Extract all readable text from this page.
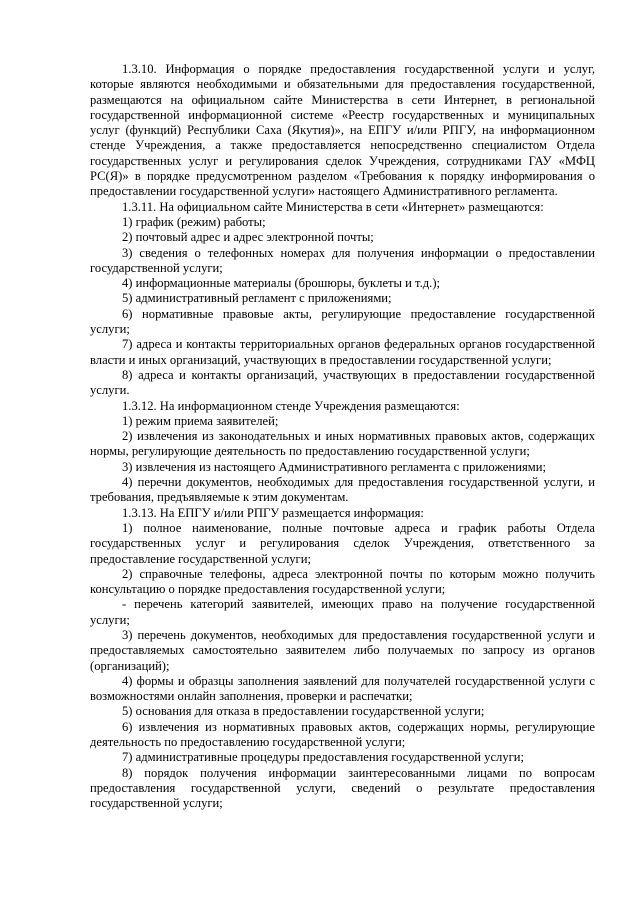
1.3.10. Информация о порядке предоставления государственной услуги и услуг, которые являются необходимыми и обязательными для предоставления государственной, размещаются на официальном сайте Министерства в сети Интернет, в региональной государственной информационной системе «Реестр государственных и муниципальных услуг (функций) Республики Саха (Якутия)», на ЕПГУ и/или РПГУ, на информационном стенде Учреждения, а также предоставляется непосредственно специалистом Отдела государственных услуг и регулирования сделок Учреждения, сотрудниками ГАУ «МФЦ РС(Я)» в порядке предусмотренном разделом «Требования к порядку информирования о предоставлении государственной услуги» настоящего Административного регламента.

1.3.11. На официальном сайте Министерства в сети «Интернет» размещаются:

1) график (режим) работы;

2) почтовый адрес и адрес электронной почты;

3) сведения о телефонных номерах для получения информации о предоставлении государственной услуги;

4) информационные материалы (брошюры, буклеты и т.д.);

5) административный регламент с приложениями;

6) нормативные правовые акты, регулирующие предоставление государственной услуги;

7) адреса и контакты территориальных органов федеральных органов государственной власти и иных организаций, участвующих в предоставлении государственной услуги;

8) адреса и контакты организаций, участвующих в предоставлении государственной услуги.

1.3.12. На информационном стенде Учреждения размещаются:

1) режим приема заявителей;

2) извлечения из законодательных и иных нормативных правовых актов, содержащих нормы, регулирующие деятельность по предоставлению государственной услуги;

3) извлечения из настоящего Административного регламента с приложениями;

4) перечни документов, необходимых для предоставления государственной услуги, и требования, предъявляемые к этим документам.

1.3.13. На ЕПГУ и/или РПГУ размещается информация:

1) полное наименование, полные почтовые адреса и график работы Отдела государственных услуг и регулирования сделок Учреждения, ответственного за предоставление государственной услуги;

2) справочные телефоны, адреса электронной почты по которым можно получить консультацию о порядке предоставления государственной услуги;

- перечень категорий заявителей, имеющих право на получение государственной услуги;

3) перечень документов, необходимых для предоставления государственной услуги и предоставляемых самостоятельно заявителем либо получаемых по запросу из органов (организаций);

4) формы и образцы заполнения заявлений для получателей государственной услуги с возможностями онлайн заполнения, проверки и распечатки;

5) основания для отказа в предоставлении государственной услуги;

6) извлечения из нормативных правовых актов, содержащих нормы, регулирующие деятельность по предоставлению государственной услуги;

7) административные процедуры предоставления государственной услуги;

8) порядок получения информации заинтересованными лицами по вопросам предоставления государственной услуги, сведений о результате предоставления государственной услуги;
